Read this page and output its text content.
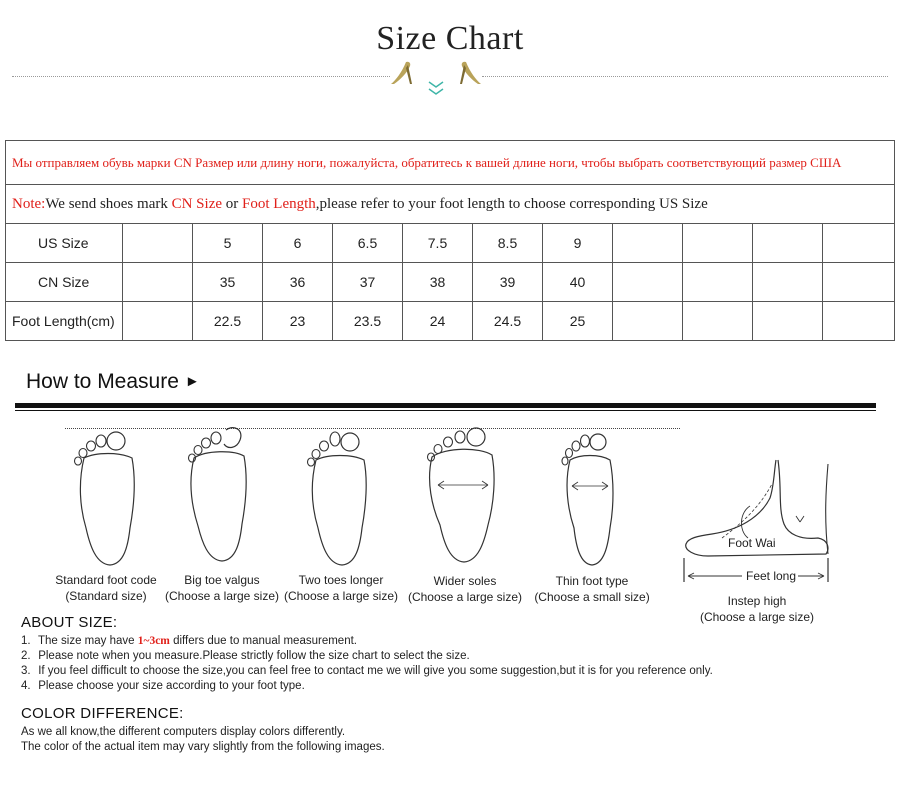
Size Chart
Мы отправляем обувь марки CN Размер или длину ноги, пожалуйста, обратитесь к вашей длине ноги, чтобы выбрать соответствующий размер США											
Note:We send shoes mark CN Size or Foot Length,please refer to your foot length to choose corresponding US Size											
US Size		5	6	6.5	7.5	8.5	9				
CN Size		35	36	37	38	39	40				
Foot Length(cm)		22.5	23	23.5	24	24.5	25				
How to Measure ►
Standard foot code
(Standard size)
Big toe valgus
(Choose a large size)
Two toes longer
(Choose a large size)
Wider soles
(Choose a large size)
Thin foot type
(Choose a small size)
Foot Wai
Feet long
Instep high
(Choose a large size)
ABOUT SIZE:
1. The size may have 1~3cm differs due to manual measurement.
2. Please note when you measure.Please strictly follow the size chart to select the size.
3. If you feel difficult to choose the size,you can feel free to contact me we will give you some suggestion,but it is for you reference only.
4. Please choose your size according to your foot type.
COLOR DIFFERENCE:
As we all know,the different computers display colors differently.
The color of the actual item may vary slightly from the following images.
